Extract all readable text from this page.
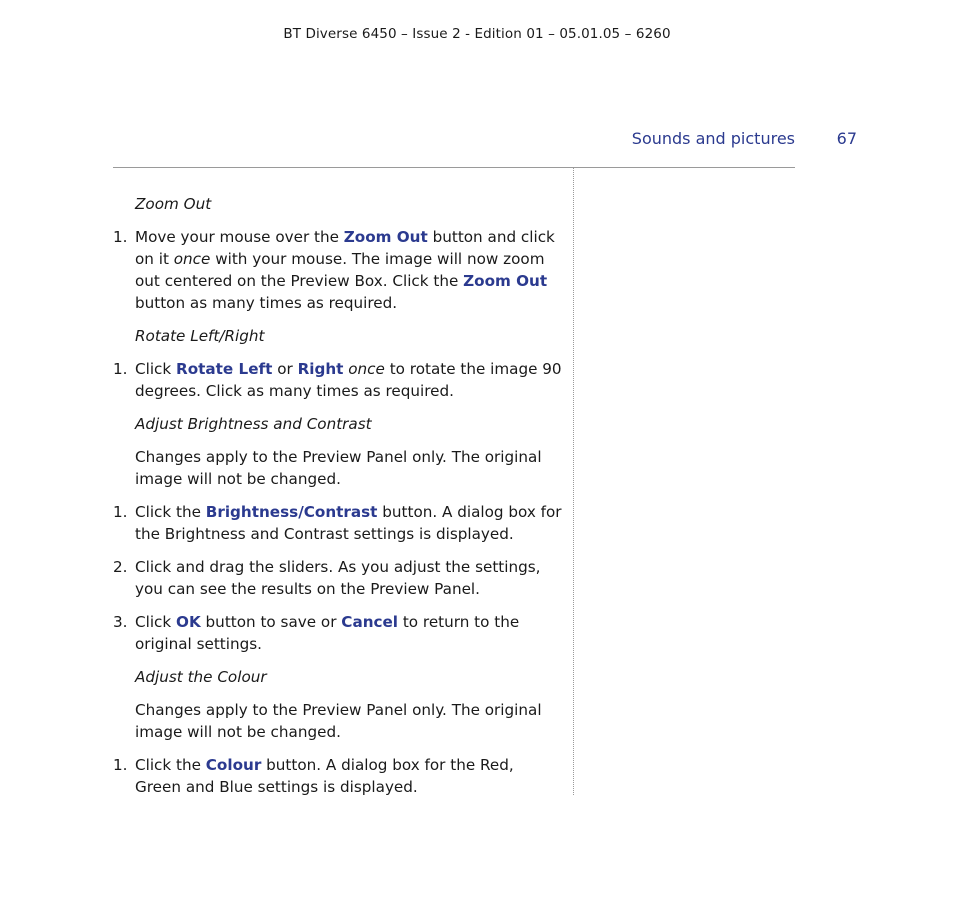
BT Diverse 6450 – Issue 2 - Edition 01 – 05.01.05 – 6260
Sounds and pictures	67
Zoom Out
1. Move your mouse over the Zoom Out button and click on it once with your mouse. The image will now zoom out centered on the Preview Box. Click the Zoom Out button as many times as required.
Rotate Left/Right
1. Click Rotate Left or Right once to rotate the image 90 degrees. Click as many times as required.
Adjust Brightness and Contrast
Changes apply to the Preview Panel only. The original image will not be changed.
1. Click the Brightness/Contrast button. A dialog box for the Brightness and Contrast settings is displayed.
2. Click and drag the sliders. As you adjust the settings, you can see the results on the Preview Panel.
3. Click OK button to save or Cancel to return to the original settings.
Adjust the Colour
Changes apply to the Preview Panel only. The original image will not be changed.
1. Click the Colour button. A dialog box for the Red, Green and Blue settings is displayed.
